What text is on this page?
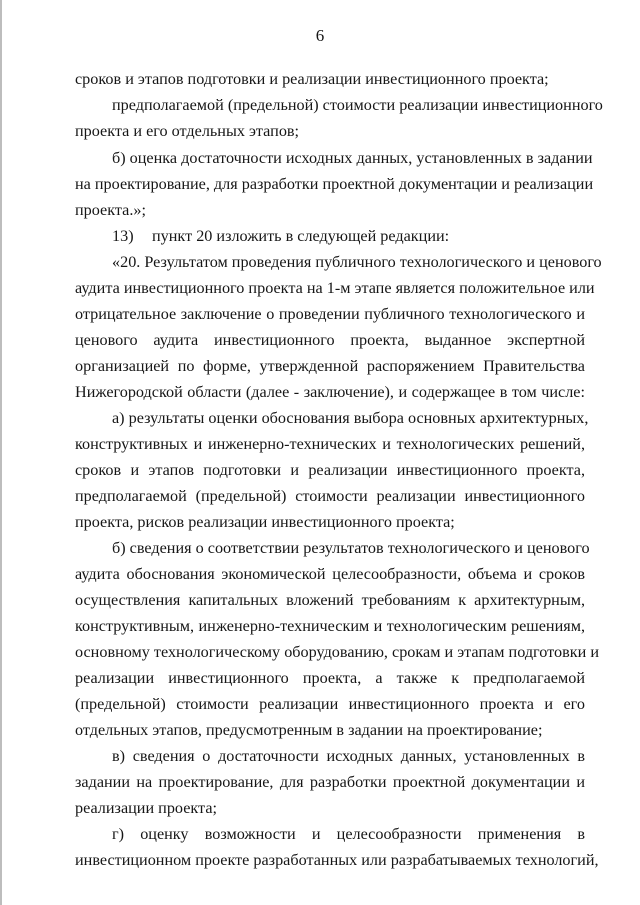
6
сроков и этапов подготовки и реализации инвестиционного проекта;
предполагаемой (предельной) стоимости реализации инвестиционного
проекта и его отдельных этапов;
б) оценка достаточности исходных данных, установленных в задании
на проектирование, для разработки проектной документации и реализации
проекта.»;
13) пункт 20 изложить в следующей редакции:
«20. Результатом проведения публичного технологического и ценового
аудита инвестиционного проекта на 1-м этапе является положительное или
отрицательное заключение о проведении публичного технологического и
ценового аудита инвестиционного проекта, выданное экспертной
организацией по форме, утвержденной распоряжением Правительства
Нижегородской области (далее - заключение), и содержащее в том числе:
а) результаты оценки обоснования выбора основных архитектурных,
конструктивных и инженерно-технических и технологических решений,
сроков и этапов подготовки и реализации инвестиционного проекта,
предполагаемой (предельной) стоимости реализации инвестиционного
проекта, рисков реализации инвестиционного проекта;
б) сведения о соответствии результатов технологического и ценового
аудита обоснования экономической целесообразности, объема и сроков
осуществления капитальных вложений требованиям к архитектурным,
конструктивным, инженерно-техническим и технологическим решениям,
основному технологическому оборудованию, срокам и этапам подготовки и
реализации инвестиционного проекта, а также к предполагаемой
(предельной) стоимости реализации инвестиционного проекта и его
отдельных этапов, предусмотренным в задании на проектирование;
в) сведения о достаточности исходных данных, установленных в
задании на проектирование, для разработки проектной документации и
реализации проекта;
г) оценку возможности и целесообразности применения в
инвестиционном проекте разработанных или разрабатываемых технологий,
